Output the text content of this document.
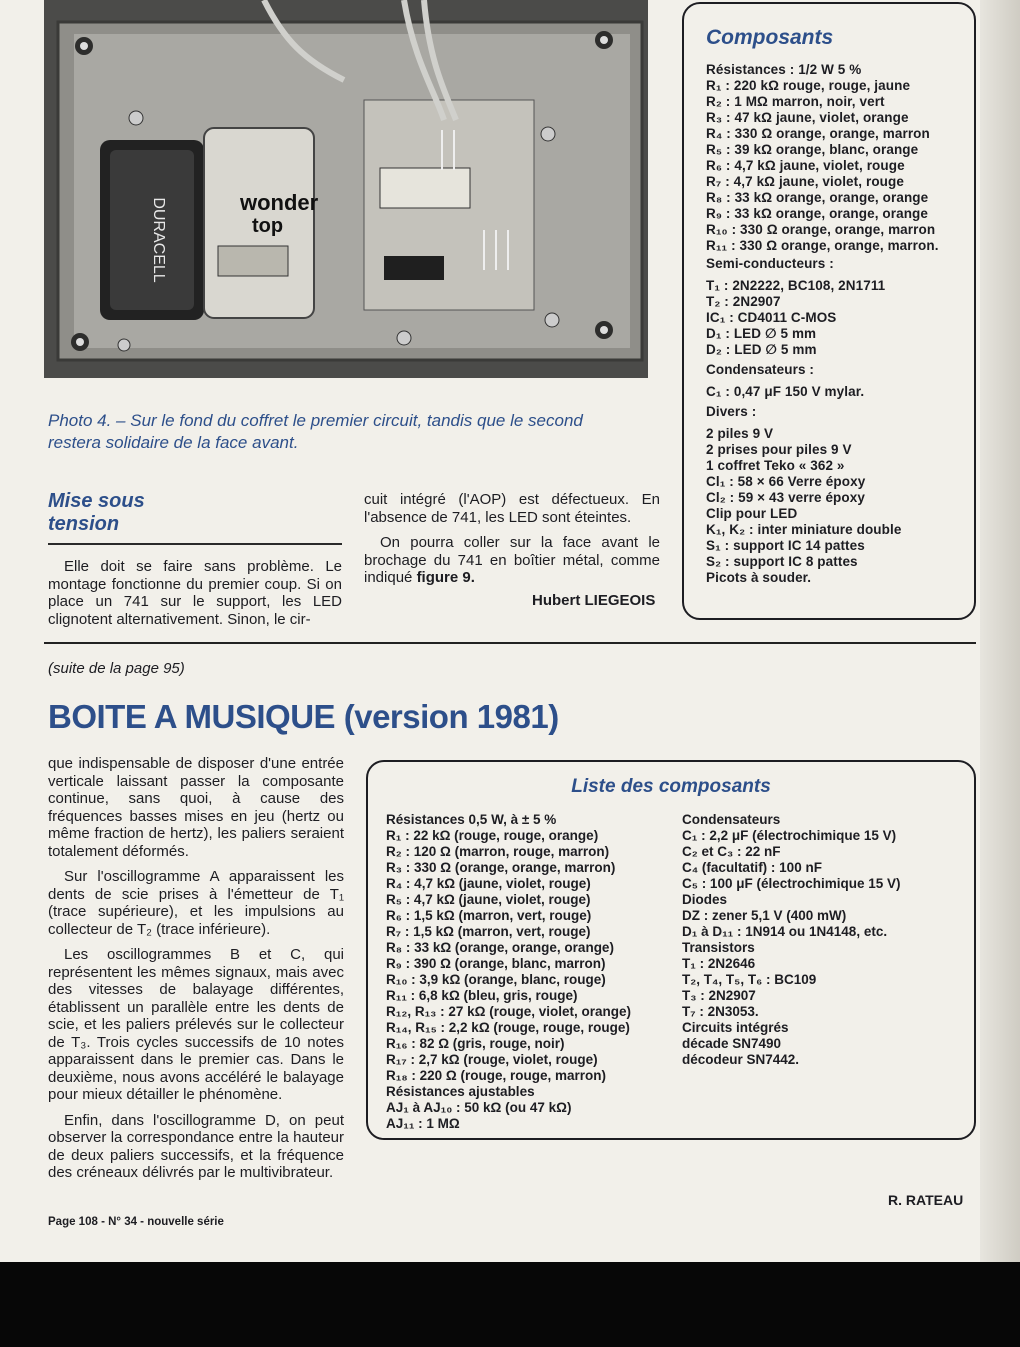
DURACELL	wonder
top
Photo 4. – Sur le fond du coffret le premier circuit, tandis que le second restera solidaire de la face avant.
Mise sous tension

Elle doit se faire sans problème. Le montage fonctionne du premier coup. Si on place un 741 sur le support, les LED clignotent alternativement. Sinon, le cir-

cuit intégré (l'AOP) est défectueux. En l'absence de 741, les LED sont éteintes.

On pourra coller sur la face avant le brochage du 741 en boîtier métal, comme indiqué figure 9.

Hubert LIEGEOIS
Composants
Résistances : 1/2 W 5 %
R₁ : 220 kΩ rouge, rouge, jaune
R₂ : 1 MΩ marron, noir, vert
R₃ : 47 kΩ jaune, violet, orange
R₄ : 330 Ω orange, orange, marron
R₅ : 39 kΩ orange, blanc, orange
R₆ : 4,7 kΩ jaune, violet, rouge
R₇ : 4,7 kΩ jaune, violet, rouge
R₈ : 33 kΩ orange, orange, orange
R₉ : 33 kΩ orange, orange, orange
R₁₀ : 330 Ω orange, orange, marron
R₁₁ : 330 Ω orange, orange, marron.
Semi-conducteurs :
T₁ : 2N2222, BC108, 2N1711
T₂ : 2N2907
IC₁ : CD4011 C-MOS
D₁ : LED ∅ 5 mm
D₂ : LED ∅ 5 mm
Condensateurs :
C₁ : 0,47 μF 150 V mylar.
Divers :
2 piles 9 V
2 prises pour piles 9 V
1 coffret Teko « 362 »
Cl₁ : 58 × 66 Verre époxy
Cl₂ : 59 × 43 verre époxy
Clip pour LED
K₁, K₂ : inter miniature double
S₁ : support IC 14 pattes
S₂ : support IC 8 pattes
Picots à souder.
(suite de la page 95)
BOITE A MUSIQUE (version 1981)

que indispensable de disposer d'une entrée verticale laissant passer la composante continue, sans quoi, à cause des fréquences basses mises en jeu (hertz ou même fraction de hertz), les paliers seraient totalement déformés.

Sur l'oscillogramme A apparaissent les dents de scie prises à l'émetteur de T₁ (trace supérieure), et les impulsions au collecteur de T₂ (trace inférieure).

Les oscillogrammes B et C, qui représentent les mêmes signaux, mais avec des vitesses de balayage différentes, établissent un parallèle entre les dents de scie, et les paliers prélevés sur le collecteur de T₃. Trois cycles successifs de 10 notes apparaissent dans le premier cas. Dans le deuxième, nous avons accéléré le balayage pour mieux détailler le phénomène.

Enfin, dans l'oscillogramme D, on peut observer la correspondance entre la hauteur de deux paliers successifs, et la fréquence des créneaux délivrés par le multivibrateur.

Liste des composants
Résistances 0,5 W, à ± 5 %
R₁ : 22 kΩ (rouge, rouge, orange)
R₂ : 120 Ω (marron, rouge, marron)
R₃ : 330 Ω (orange, orange, marron)
R₄ : 4,7 kΩ (jaune, violet, rouge)
R₅ : 4,7 kΩ (jaune, violet, rouge)
R₆ : 1,5 kΩ (marron, vert, rouge)
R₇ : 1,5 kΩ (marron, vert, rouge)
R₈ : 33 kΩ (orange, orange, orange)
R₉ : 390 Ω (orange, blanc, marron)
R₁₀ : 3,9 kΩ (orange, blanc, rouge)
R₁₁ : 6,8 kΩ (bleu, gris, rouge)
R₁₂, R₁₃ : 27 kΩ (rouge, violet, orange)
R₁₄, R₁₅ : 2,2 kΩ (rouge, rouge, rouge)
R₁₆ : 82 Ω (gris, rouge, noir)
R₁₇ : 2,7 kΩ (rouge, violet, rouge)
R₁₈ : 220 Ω (rouge, rouge, marron)
Résistances ajustables
AJ₁ à AJ₁₀ : 50 kΩ (ou 47 kΩ)
AJ₁₁ : 1 MΩ
Condensateurs
C₁ : 2,2 μF (électrochimique 15 V)
C₂ et C₃ : 22 nF
C₄ (facultatif) : 100 nF
C₅ : 100 μF (électrochimique 15 V)
Diodes
DZ : zener 5,1 V (400 mW)
D₁ à D₁₁ : 1N914 ou 1N4148, etc.
Transistors
T₁ : 2N2646
T₂, T₄, T₅, T₆ : BC109
T₃ : 2N2907
T₇ : 2N3053.
Circuits intégrés
décade SN7490
décodeur SN7442.
R. RATEAU
Page 108 - N° 34 - nouvelle série
